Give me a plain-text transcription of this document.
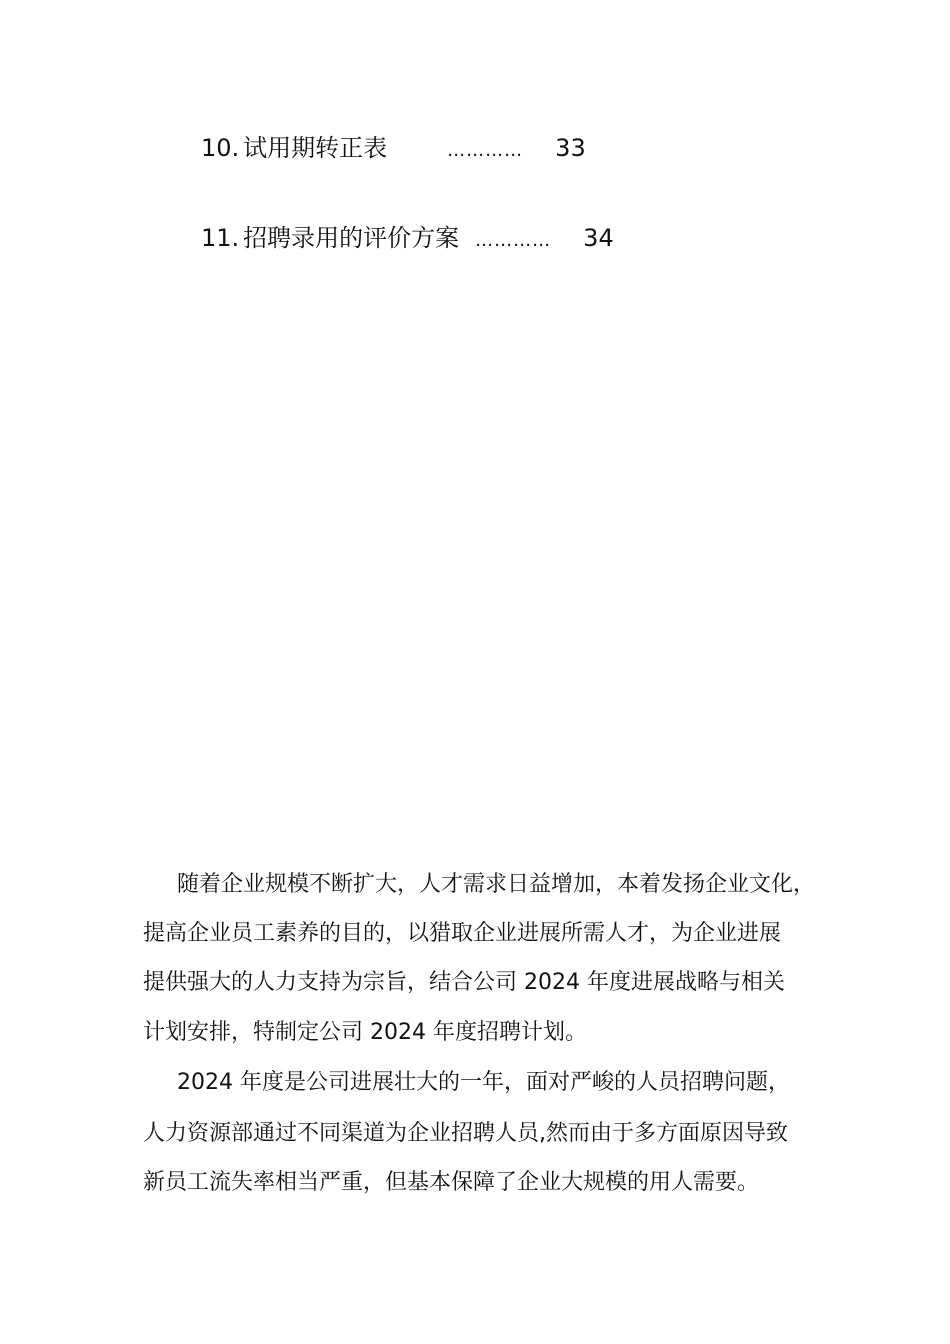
10. 试用期转正表	………… 33
11. 招聘录用的评价方案 ………… 34
随着企业规模不断扩大，人才需求日益增加，本着发扬企业文化，
提高企业员工素养的目的，以猎取企业进展所需人才，为企业进展
提供强大的人力支持为宗旨，结合公司 2024 年度进展战略与相关
计划安排，特制定公司 2024 年度招聘计划。
2024 年度是公司进展壮大的一年，面对严峻的人员招聘问题，
人力资源部通过不同渠道为企业招聘人员,然而由于多方面原因导致
新员工流失率相当严重，但基本保障了企业大规模的用人需要。
